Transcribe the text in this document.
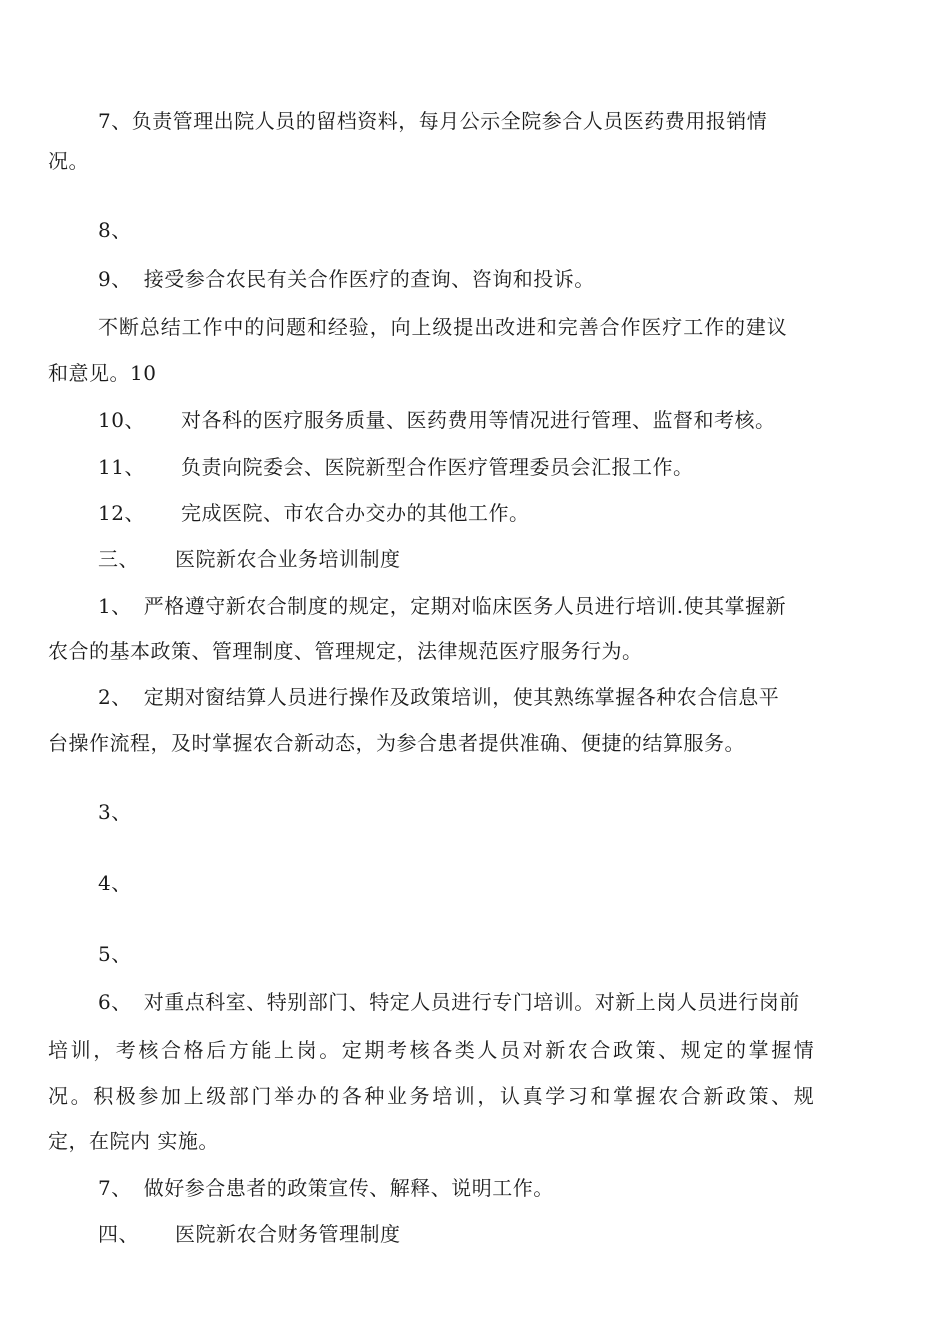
7、负责管理出院人员的留档资料，每月公示全院参合人员医药费用报销情
况。
8、
9、 接受参合农民有关合作医疗的查询、咨询和投诉。
不断总结工作中的问题和经验，向上级提出改进和完善合作医疗工作的建议
和意见。10
10、 对各科的医疗服务质量、医药费用等情况进行管理、监督和考核。
11、 负责向院委会、医院新型合作医疗管理委员会汇报工作。
12、 完成医院、市农合办交办的其他工作。
三、 医院新农合业务培训制度
1、 严格遵守新农合制度的规定，定期对临床医务人员进行培训.使其掌握新
农合的基本政策、管理制度、管理规定，法律规范医疗服务行为。
2、 定期对窗结算人员进行操作及政策培训，使其熟练掌握各种农合信息平
台操作流程，及时掌握农合新动态，为参合患者提供准确、便捷的结算服务。
3、
4、
5、
6、 对重点科室、特别部门、特定人员进行专门培训。对新上岗人员进行岗前
培训，考核合格后方能上岗。定期考核各类人员对新农合政策、规定的掌握情
况。积极参加上级部门举办的各种业务培训，认真学习和掌握农合新政策、规
定，在院内 实施。
7、 做好参合患者的政策宣传、解释、说明工作。
四、 医院新农合财务管理制度
